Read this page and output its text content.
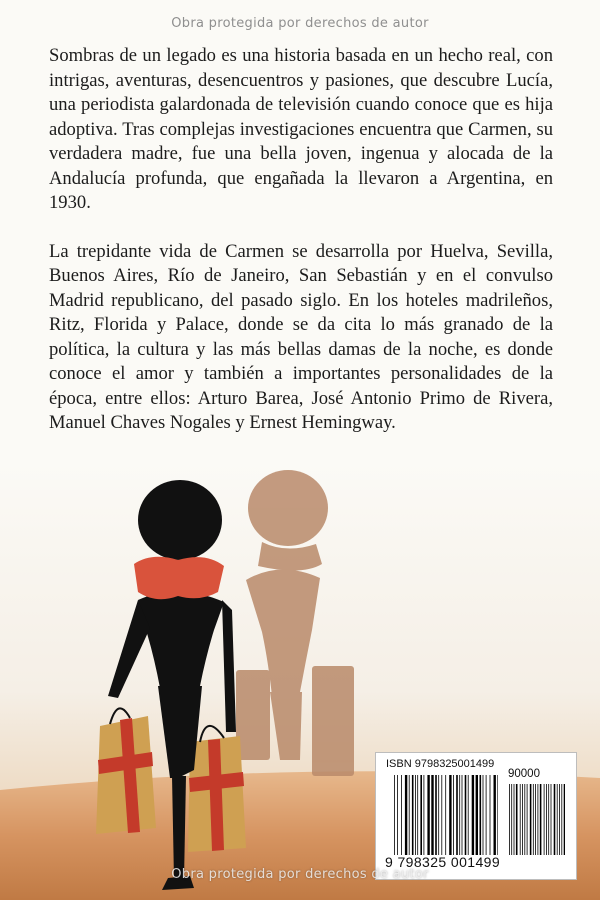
Obra protegida por derechos de autor

Sombras de un legado es una historia basada en un hecho real, con intrigas, aventuras, desencuentros y pasiones, que descubre Lucía, una periodista galardonada de televisión cuando conoce que es hija adoptiva. Tras complejas investigaciones encuentra que Carmen, su verdadera madre, fue una bella joven, ingenua y alocada de la Andalucía profunda, que engañada la llevaron a Argentina, en 1930.

La trepidante vida de Carmen se desarrolla por Huelva, Sevilla, Buenos Aires, Río de Janeiro, San Sebastián y en el convulso Madrid republicano, del pasado siglo. En los hoteles madrileños, Ritz, Florida y Palace, donde se da cita lo más granado de la política, la cultura y las más bellas damas de la noche, es donde conoce el amor y también a importantes personalidades de la época, entre ellos: Arturo Barea, José Antonio Primo de Rivera, Manuel Chaves Nogales y Ernest Hemingway.

ISBN 9798325001499
90000
9 798325 001499
Obra protegida por derechos de autor
